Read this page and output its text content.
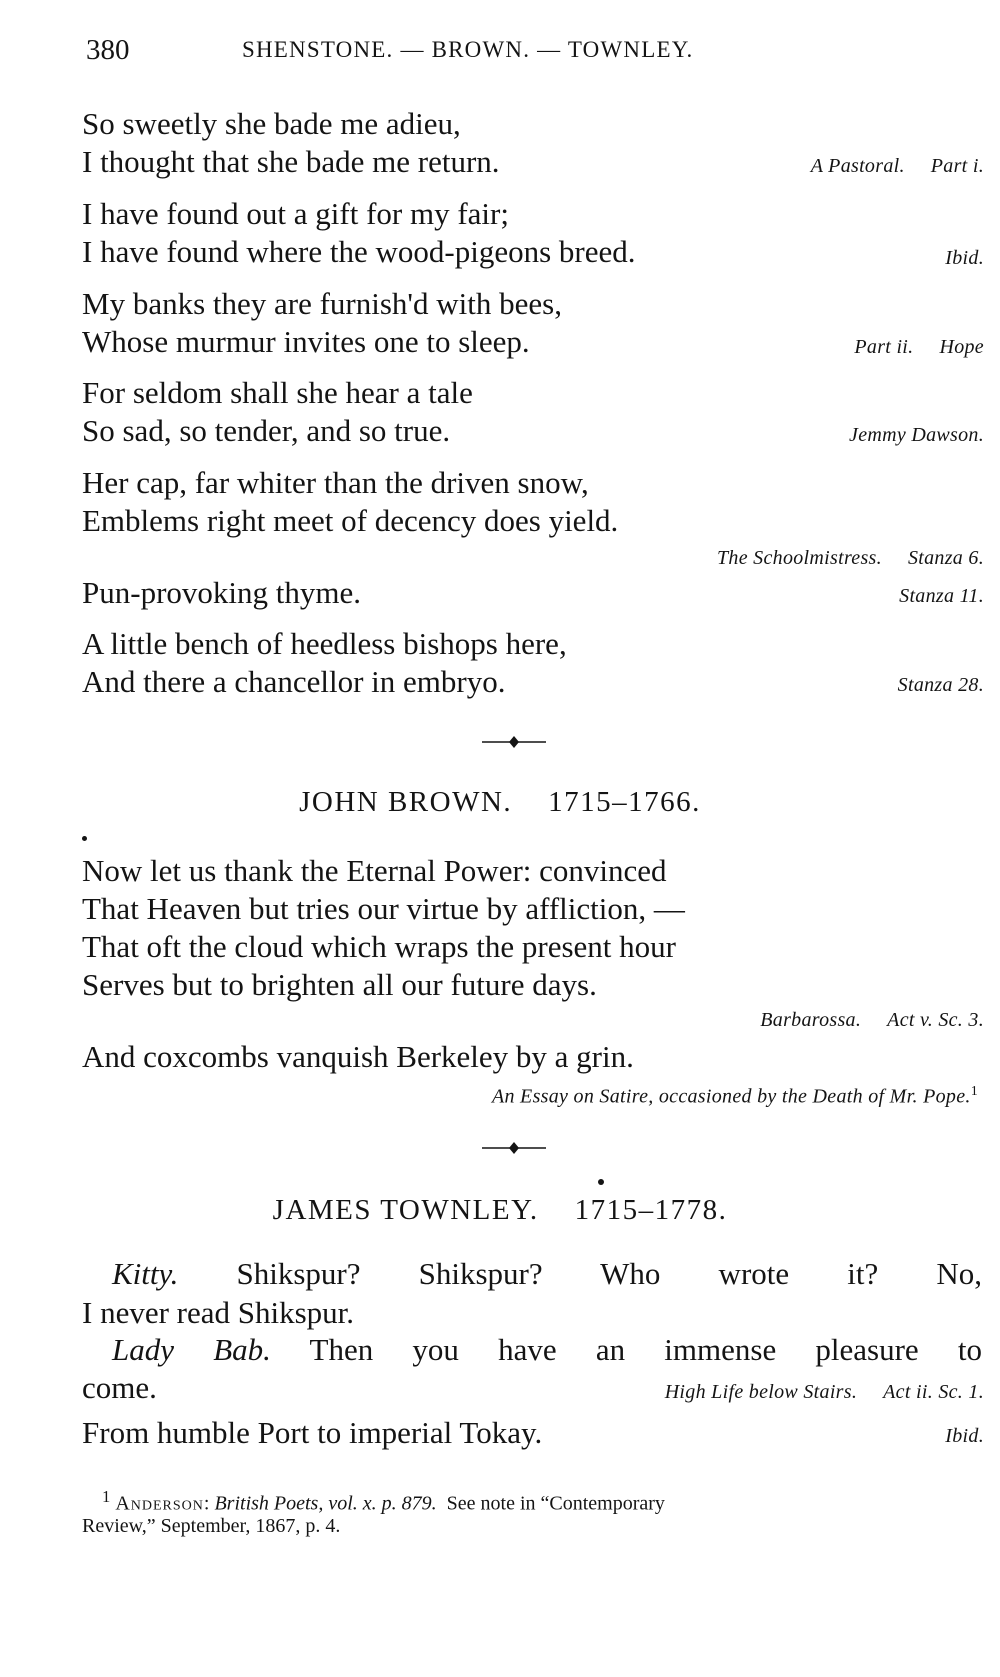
380	SHENSTONE. — BROWN. — TOWNLEY.
So sweetly she bade me adieu,
I thought that she bade me return.	A Pastoral. Part i.
I have found out a gift for my fair;
I have found where the wood-pigeons breed.	Ibid.
My banks they are furnish'd with bees,
Whose murmur invites one to sleep.	Part ii. Hope
For seldom shall she hear a tale
So sad, so tender, and so true.	Jemmy Dawson.
Her cap, far whiter than the driven snow,
Emblems right meet of decency does yield.
The Schoolmistress. Stanza 6.
Pun-provoking thyme.	Stanza 11.
A little bench of heedless bishops here,
And there a chancellor in embryo.	Stanza 28.
JOHN BROWN. 1715–1766.
Now let us thank the Eternal Power: convinced
That Heaven but tries our virtue by affliction, —
That oft the cloud which wraps the present hour
Serves but to brighten all our future days.
Barbarossa. Act v. Sc. 3.
And coxcombs vanquish Berkeley by a grin.
An Essay on Satire, occasioned by the Death of Mr. Pope.$^1$
JAMES TOWNLEY. 1715–1778.
Kitty. Shikspur? Shikspur? Who wrote it? No,
I never read Shikspur.
Lady Bab. Then you have an immense pleasure to
come.	High Life below Stairs. Act ii. Sc. 1.
From humble Port to imperial Tokay.	Ibid.
$^1$ Anderson: British Poets, vol. x. p. 879. See note in “Contemporary
Review,” September, 1867, p. 4.
